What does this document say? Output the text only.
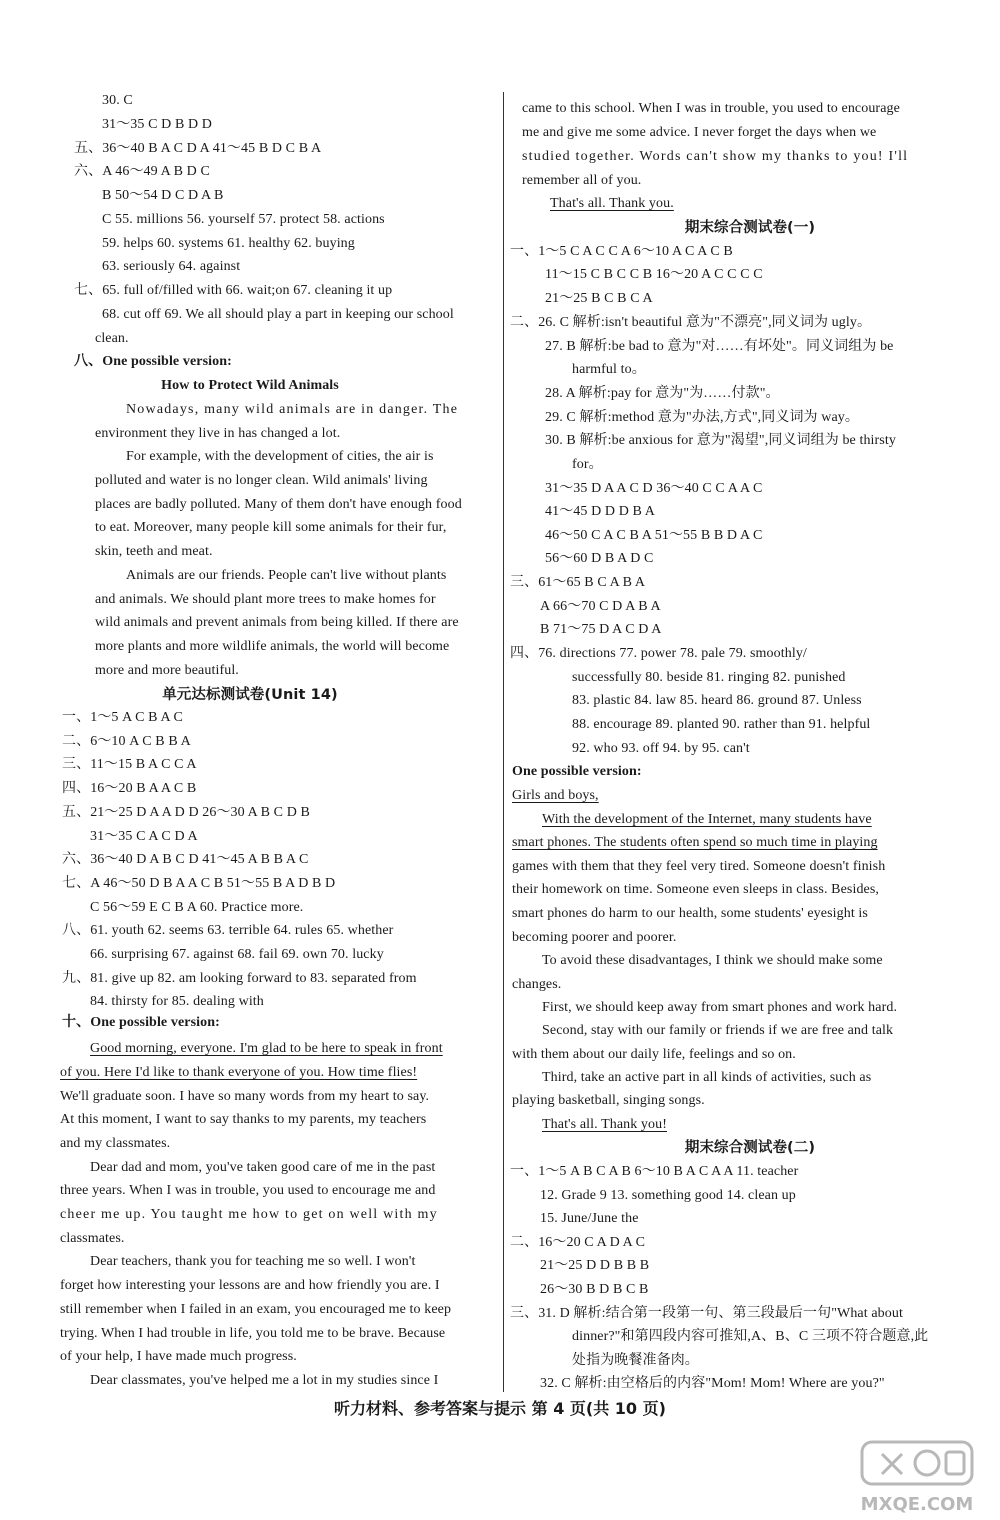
30. C
31～35 C D B D D
五、36～40 B A C D A 41～45 B D C B A
六、A 46～49 A B D C
B 50～54 D C D A B
C 55. millions 56. yourself 57. protect 58. actions
59. helps 60. systems 61. healthy 62. buying
63. seriously 64. against
七、65. full of/filled with 66. wait;on 67. cleaning it up
68. cut off 69. We all should play a part in keeping our school
clean.
八、One possible version:
How to Protect Wild Animals
Nowadays, many wild animals are in danger. The
environment they live in has changed a lot.
For example, with the development of cities, the air is
polluted and water is no longer clean. Wild animals' living
places are badly polluted. Many of them don't have enough food
to eat. Moreover, many people kill some animals for their fur,
skin, teeth and meat.
Animals are our friends. People can't live without plants
and animals. We should plant more trees to make homes for
wild animals and prevent animals from being killed. If there are
more plants and more wildlife animals, the world will become
more and more beautiful.
单元达标测试卷(Unit 14)
一、1～5 A C B A C
二、6～10 A C B B A
三、11～15 B A C C A
四、16～20 B A A C B
五、21～25 D A A D D 26～30 A B C D B
31～35 C A C D A
六、36～40 D A B C D 41～45 A B B A C
七、A 46～50 D B A A C B 51～55 B A D B D
C 56～59 E C B A 60. Practice more.
八、61. youth 62. seems 63. terrible 64. rules 65. whether
66. surprising 67. against 68. fail 69. own 70. lucky
九、81. give up 82. am looking forward to 83. separated from
84. thirsty for 85. dealing with
十、One possible version:
Good morning, everyone. I'm glad to be here to speak in front
of you. Here I'd like to thank everyone of you. How time flies!
We'll graduate soon. I have so many words from my heart to say.
At this moment, I want to say thanks to my parents, my teachers
and my classmates.
Dear dad and mom, you've taken good care of me in the past
three years. When I was in trouble, you used to encourage me and
cheer me up. You taught me how to get on well with my
classmates.
Dear teachers, thank you for teaching me so well. I won't
forget how interesting your lessons are and how friendly you are. I
still remember when I failed in an exam, you encouraged me to keep
trying. When I had trouble in life, you told me to be brave. Because
of your help, I have made much progress.
Dear classmates, you've helped me a lot in my studies since I
came to this school. When I was in trouble, you used to encourage
me and give me some advice. I never forget the days when we
studied together. Words can't show my thanks to you! I'll
remember all of you.
That's all. Thank you.
期末综合测试卷(一)
一、1～5 C A C C A 6～10 A C A C B
11～15 C B C C B 16～20 A C C C C
21～25 B C B C A
二、26. C 解析:isn't beautiful 意为"不漂亮",同义词为 ugly。
27. B 解析:be bad to 意为"对……有坏处"。同义词组为 be
harmful to。
28. A 解析:pay for 意为"为……付款"。
29. C 解析:method 意为"办法,方式",同义词为 way。
30. B 解析:be anxious for 意为"渴望",同义词组为 be thirsty
for。
31～35 D A A C D 36～40 C C A A C
41～45 D D D B A
46～50 C A C B A 51～55 B B D A C
56～60 D B A D C
三、61～65 B C A B A
A 66～70 C D A B A
B 71～75 D A C D A
四、76. directions 77. power 78. pale 79. smoothly/
successfully 80. beside 81. ringing 82. punished
83. plastic 84. law 85. heard 86. ground 87. Unless
88. encourage 89. planted 90. rather than 91. helpful
92. who 93. off 94. by 95. can't
One possible version:
Girls and boys,
With the development of the Internet, many students have
smart phones. The students often spend so much time in playing
games with them that they feel very tired. Someone doesn't finish
their homework on time. Someone even sleeps in class. Besides,
smart phones do harm to our health, some students' eyesight is
becoming poorer and poorer.
To avoid these disadvantages, I think we should make some
changes.
First, we should keep away from smart phones and work hard.
Second, stay with our family or friends if we are free and talk
with them about our daily life, feelings and so on.
Third, take an active part in all kinds of activities, such as
playing basketball, singing songs.
That's all. Thank you!
期末综合测试卷(二)
一、1～5 A B C A B 6～10 B A C A A 11. teacher
12. Grade 9 13. something good 14. clean up
15. June/June the
二、16～20 C A D A C
21～25 D D B B B
26～30 B D B C B
三、31. D 解析:结合第一段第一句、第三段最后一句"What about
dinner?"和第四段内容可推知,A、B、C 三项不符合题意,此
处指为晚餐准备肉。
32. C 解析:由空格后的内容"Mom! Mom! Where are you?"
听力材料、参考答案与提示 第 4 页(共 10 页)
MXQE.COM
